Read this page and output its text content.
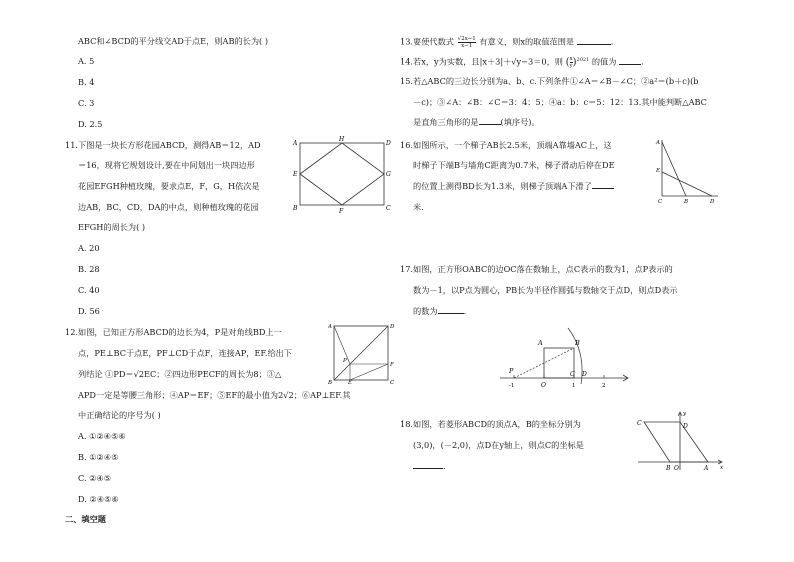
ABC和∠BCD的平分线交AD于点E，则AB的长为( )
A. 5
B. 4
C. 3
D. 2.5
11.下图是一块长方形花园ABCD，测得AB＝12，AD
＝16，现将它规划设计,要在中间划出一块四边形
花园EFGH种植玫瑰，要求点E，F，G，H依次是
边AB，BC，CD，DA的中点，则种植玫瑰的花园
EFGH的周长为( )
A
B	C
D
E
F
G
H
A. 20
B. 28
C. 40
D. 56
12.如图，已知正方形ABCD的边长为4，P是对角线BD上一
点，PE⊥BC于点E，PF⊥CD于点F，连接AP，EF.给出下
列结论 ①PD＝√2EC；②四边形PECF的周长为8；③△
APD一定是等腰三角形；④AP＝EF；⑤EF的最小值为2√2；⑥AP⊥EF.其
中正确结论的序号为( )
A
B	C
D
P
E
F
A. ①②④⑤⑥
B. ①②④⑤
C. ②④⑤
D. ②④⑤⑥
二、填空题
13.要使代数式 $\frac{√2x-1}{x-1}$ 有意义，则x的取值范围是	.
14.若x，y为实数，且|x＋3|＋√y−3＝0，则 ( $\frac{x}{y} )^{2021}$ 的值为	.
15.若△ABC的三边长分别为a、b、c.下列条件①∠A＝∠B－∠C；②a²＝(b＋c)(b
－c)；③∠A：∠B：∠C＝3：4：5；④a：b：c＝5：12：13.其中能判断△ABC
是直角三角形的是	(填序号)。
16.如图所示，一个梯子AB长2.5米，顶端A靠墙AC上，这
时梯子下端B与墙角C距离为0.7米，梯子滑动后停在DE
的位置上测得BD长为1.3米，则梯子顶端A下滑了
米.
A
E
C	B	D
17.如图，正方形OABC的边OC落在数轴上，点C表示的数为1，点P表示的
数为－1，以P点为圆心，PB长为半径作圆弧与数轴交于点D，则点D表示
的数为	.
P
A	B
O
C D
-1	1	2
18.如图，若菱形ABCD的顶点A，B的坐标分别为
(3,0)，(－2,0)，点D在y轴上，则点C的坐标是
.
C	D
B O	A x
y
